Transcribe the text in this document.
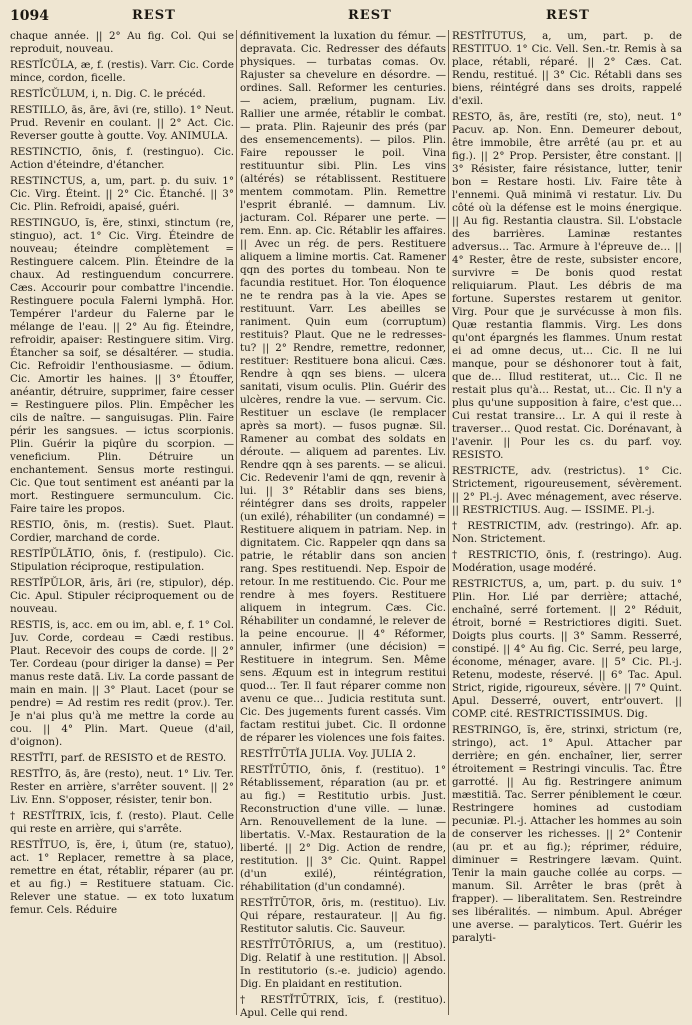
1094	REST	REST	REST

chaque année. || 2° Au fig. Col. Qui se reproduit, nouveau.

RESTĬCŬLA, æ, f. (restis). Varr. Cic. Corde mince, cordon, ficelle.

RESTĬCŬLUM, i, n. Dig. C. le précéd.

RESTILLO, ās, āre, āvi (re, stillo). 1° Neut. Prud. Revenir en coulant. || 2° Act. Cic. Reverser goutte à goutte. Voy. ANIMULA.

RESTINCTIO, ōnis, f. (restinguo). Cic. Action d'éteindre, d'étancher.

RESTINCTUS, a, um, part. p. du suiv. 1° Cic. Virg. Éteint. || 2° Cic. Étanché. || 3° Cic. Plin. Refroidi, apaisé, guéri.

RESTINGUO, ĭs, ĕre, stinxi, stinctum (re, stinguo), act. 1° Cic. Virg. Éteindre de nouveau; éteindre complètement = Restinguere calcem. Plin. Éteindre de la chaux. Ad restinguendum concurrere. Cæs. Accourir pour combattre l'incendie. Restinguere pocula Falerni lymphā. Hor. Tempérer l'ardeur du Falerne par le mélange de l'eau. || 2° Au fig. Éteindre, refroidir, apaiser: Restinguere sitim. Virg. Étancher sa soif, se désaltérer. — studia. Cic. Refroidir l'enthousiasme. — ŏdium. Cic. Amortir les haines. || 3° Étouffer, anéantir, détruire, supprimer, faire cesser = Restinguere pilos. Plin. Empêcher les cils de naître. — sanguisugas. Plin. Faire périr les sangsues. — ictus scorpionis. Plin. Guérir la piqûre du scorpion. — veneficium. Plin. Détruire un enchantement. Sensus morte restingui. Cic. Que tout sentiment est anéanti par la mort. Restinguere sermunculum. Cic. Faire taire les propos.

RESTIO, ōnis, m. (restis). Suet. Plaut. Cordier, marchand de corde.

RESTĬPŬLĀTIO, ōnis, f. (restipulo). Cic. Stipulation réciproque, restipulation.

RESTĬPŬLOR, āris, āri (re, stipulor), dép. Cic. Apul. Stipuler réciproquement ou de nouveau.

RESTIS, is, acc. em ou im, abl. e, f. 1° Col. Juv. Corde, cordeau = Cædi restibus. Plaut. Recevoir des coups de corde. || 2° Ter. Cordeau (pour diriger la danse) = Per manus reste datā. Liv. La corde passant de main en main. || 3° Plaut. Lacet (pour se pendre) = Ad restim res redit (prov.). Ter. Je n'ai plus qu'à me mettre la corde au cou. || 4° Plin. Mart. Queue (d'ail, d'oignon).

RESTĪTI, parf. de RESISTO et de RESTO.

RESTĪTO, ās, āre (resto), neut. 1° Liv. Ter. Rester en arrière, s'arrêter souvent. || 2° Liv. Enn. S'opposer, résister, tenir bon.

† RESTĬTRIX, īcis, f. (resto). Plaut. Celle qui reste en arrière, qui s'arrête.

RESTĬTUO, ĭs, ĕre, i, ūtum (re, statuo), act. 1° Replacer, remettre à sa place, remettre en état, rétablir, réparer (au pr. et au fig.) = Restituere statuam. Cic. Relever une statue. — ex toto luxatum femur. Cels. Réduire

définitivement la luxation du fémur. — depravata. Cic. Redresser des défauts physiques. — turbatas comas. Ov. Rajuster sa chevelure en désordre. — ordines. Sall. Reformer les centuries. — aciem, prælium, pugnam. Liv. Rallier une armée, rétablir le combat. — prata. Plin. Rajeunir des prés (par des ensemencements). — pilos. Plin. Faire repousser le poil. Vina restituuntur sibi. Plin. Les vins (altérés) se rétablissent. Restituere mentem commotam. Plin. Remettre l'esprit ébranlé. — damnum. Liv. jacturam. Col. Réparer une perte. — rem. Enn. ap. Cic. Rétablir les affaires. || Avec un rég. de pers. Restituere aliquem a limine mortis. Cat. Ramener qqn des portes du tombeau. Non te facundia restituet. Hor. Ton éloquence ne te rendra pas à la vie. Apes se restituunt. Varr. Les abeilles se raniment. Quin eum (corruptum) restituis? Plaut. Que ne le redresses-tu? || 2° Rendre, remettre, redonner, restituer: Restituere bona alicui. Cæs. Rendre à qqn ses biens. — ulcera sanitati, visum oculis. Plin. Guérir des ulcères, rendre la vue. — servum. Cic. Restituer un esclave (le remplacer après sa mort). — fusos pugnæ. Sil. Ramener au combat des soldats en déroute. — aliquem ad parentes. Liv. Rendre qqn à ses parents. — se alicui. Cic. Redevenir l'ami de qqn, revenir à lui. || 3° Rétablir dans ses biens, réintégrer dans ses droits, rappeler (un exilé), réhabiliter (un condamné) = Restituere aliquem in patriam. Nep. in dignitatem. Cic. Rappeler qqn dans sa patrie, le rétablir dans son ancien rang. Spes restituendi. Nep. Espoir de retour. In me restituendo. Cic. Pour me rendre à mes foyers. Restituere aliquem in integrum. Cæs. Cic. Réhabiliter un condamné, le relever de la peine encourue. || 4° Réformer, annuler, infirmer (une décision) = Restituere in integrum. Sen. Même sens. Æquum est in integrum restitui quod… Ter. Il faut réparer comme non avenu ce que… Judicia restituta sunt. Cic. Des jugements furent cassés. Vim factam restitui jubet. Cic. Il ordonne de réparer les violences une fois faites.

RESTĬTŪTĬA JULIA. Voy. JULIA 2.

RESTĬTŪTIO, ōnis, f. (restituo). 1° Rétablissement, réparation (au pr. et au fig.) = Restitutio urbis. Just. Reconstruction d'une ville. — lunæ. Arn. Renouvellement de la lune. — libertatis. V.-Max. Restauration de la liberté. || 2° Dig. Action de rendre, restitution. || 3° Cic. Quint. Rappel (d'un exilé), réintégration, réhabilitation (d'un condamné).

RESTĬTŪTOR, ōris, m. (restituo). Liv. Qui répare, restaurateur. || Au fig. Restitutor salutis. Cic. Sauveur.

RESTĬTŪTŌRIUS, a, um (restituo). Dig. Relatif à une restitution. || Absol. In restitutorio (s.-e. judicio) agendo. Dig. En plaidant en restitution.

† RESTĬTŪTRIX, īcis, f. (restituo). Apul. Celle qui rend.

RESTĬTŪTUS, a, um, part. p. de RESTITUO. 1° Cic. Vell. Sen.-tr. Remis à sa place, rétabli, réparé. || 2° Cæs. Cat. Rendu, restitué. || 3° Cic. Rétabli dans ses biens, réintégré dans ses droits, rappelé d'exil.

RESTO, ās, āre, restĭti (re, sto), neut. 1° Pacuv. ap. Non. Enn. Demeurer debout, être immobile, être arrêté (au pr. et au fig.). || 2° Prop. Persister, être constant. || 3° Résister, faire résistance, lutter, tenir bon = Restare hosti. Liv. Faire tête à l'ennemi. Quā minimā vi restatur. Liv. Du côté où la défense est le moins énergique. || Au fig. Restantia claustra. Sil. L'obstacle des barrières. Laminæ restantes adversus… Tac. Armure à l'épreuve de… || 4° Rester, être de reste, subsister encore, survivre = De bonis quod restat reliquiarum. Plaut. Les débris de ma fortune. Superstes restarem ut genitor. Virg. Pour que je survécusse à mon fils. Quæ restantia flammis. Virg. Les dons qu'ont épargnés les flammes. Unum restat ei ad omne decus, ut… Cic. Il ne lui manque, pour se déshonorer tout à fait, que de… Illud restiterat, ut… Cic. Il ne restait plus qu'à… Restat, ut… Cic. Il n'y a plus qu'une supposition à faire, c'est que… Cui restat transire… Lr. A qui il reste à traverser… Quod restat. Cic. Dorénavant, à l'avenir. || Pour les cs. du parf. voy. RESISTO.

RESTRICTE, adv. (restrictus). 1° Cic. Strictement, rigoureusement, sévèrement. || 2° Pl.-j. Avec ménagement, avec réserve. || RESTRICTIUS. Aug. — ISSIME. Pl.-j.

† RESTRICTIM, adv. (restringo). Afr. ap. Non. Strictement.

† RESTRICTIO, ōnis, f. (restringo). Aug. Modération, usage modéré.

RESTRICTUS, a, um, part. p. du suiv. 1° Plin. Hor. Lié par derrière; attaché, enchaîné, serré fortement. || 2° Réduit, étroit, borné = Restrictiores digiti. Suet. Doigts plus courts. || 3° Samm. Resserré, constipé. || 4° Au fig. Cic. Serré, peu large, économe, ménager, avare. || 5° Cic. Pl.-j. Retenu, modeste, réservé. || 6° Tac. Apul. Strict, rigide, rigoureux, sévère. || 7° Quint. Apul. Desserré, ouvert, entr'ouvert. || COMP. cité. RESTRICTISSIMUS. Dig.

RESTRINGO, ĭs, ĕre, strinxi, strictum (re, stringo), act. 1° Apul. Attacher par derrière; en gén. enchaîner, lier, serrer étroitement = Restringi vinculis. Tac. Être garrotté. || Au fig. Restringere animum mæstitiā. Tac. Serrer péniblement le cœur. Restringere homines ad custodiam pecuniæ. Pl.-j. Attacher les hommes au soin de conserver les richesses. || 2° Contenir (au pr. et au fig.); réprimer, réduire, diminuer = Restringere lævam. Quint. Tenir la main gauche collée au corps. — manum. Sil. Arrêter le bras (prêt à frapper). — liberalitatem. Sen. Restreindre ses libéralités. — nimbum. Apul. Abréger une averse. — paralyticos. Tert. Guérir les paralyti-
